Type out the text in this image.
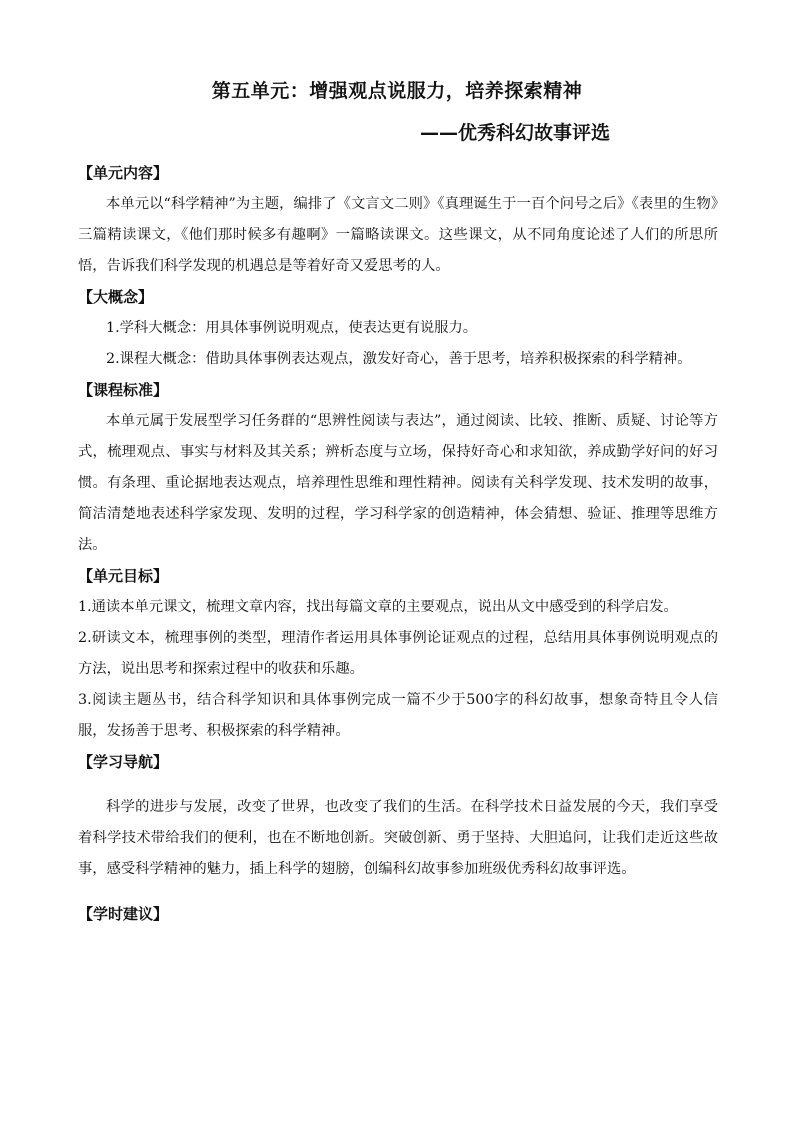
第五单元：增强观点说服力，培养探索精神
——优秀科幻故事评选
【单元内容】

本单元以“科学精神”为主题，编排了《文言文二则》《真理诞生于一百个问号之后》《表里的生物》三篇精读课文，《他们那时候多有趣啊》一篇略读课文。这些课文，从不同角度论述了人们的所思所悟，告诉我们科学发现的机遇总是等着好奇又爱思考的人。

【大概念】

1.学科大概念：用具体事例说明观点，使表达更有说服力。

2.课程大概念：借助具体事例表达观点，激发好奇心，善于思考，培养积极探索的科学精神。

【课程标准】

本单元属于发展型学习任务群的“思辨性阅读与表达”，通过阅读、比较、推断、质疑、讨论等方式，梳理观点、事实与材料及其关系；辨析态度与立场，保持好奇心和求知欲，养成勤学好问的好习惯。有条理、重论据地表达观点，培养理性思维和理性精神。阅读有关科学发现、技术发明的故事，简洁清楚地表述科学家发现、发明的过程，学习科学家的创造精神，体会猜想、验证、推理等思维方法。

【单元目标】

1.通读本单元课文，梳理文章内容，找出每篇文章的主要观点，说出从文中感受到的科学启发。

2.研读文本，梳理事例的类型，理清作者运用具体事例论证观点的过程，总结用具体事例说明观点的方法，说出思考和探索过程中的收获和乐趣。

3.阅读主题丛书，结合科学知识和具体事例完成一篇不少于500字的科幻故事，想象奇特且令人信服，发扬善于思考、积极探索的科学精神。

【学习导航】

科学的进步与发展，改变了世界，也改变了我们的生活。在科学技术日益发展的今天，我们享受着科学技术带给我们的便利，也在不断地创新。突破创新、勇于坚持、大胆追问，让我们走近这些故事，感受科学精神的魅力，插上科学的翅膀，创编科幻故事参加班级优秀科幻故事评选。

【学时建议】
